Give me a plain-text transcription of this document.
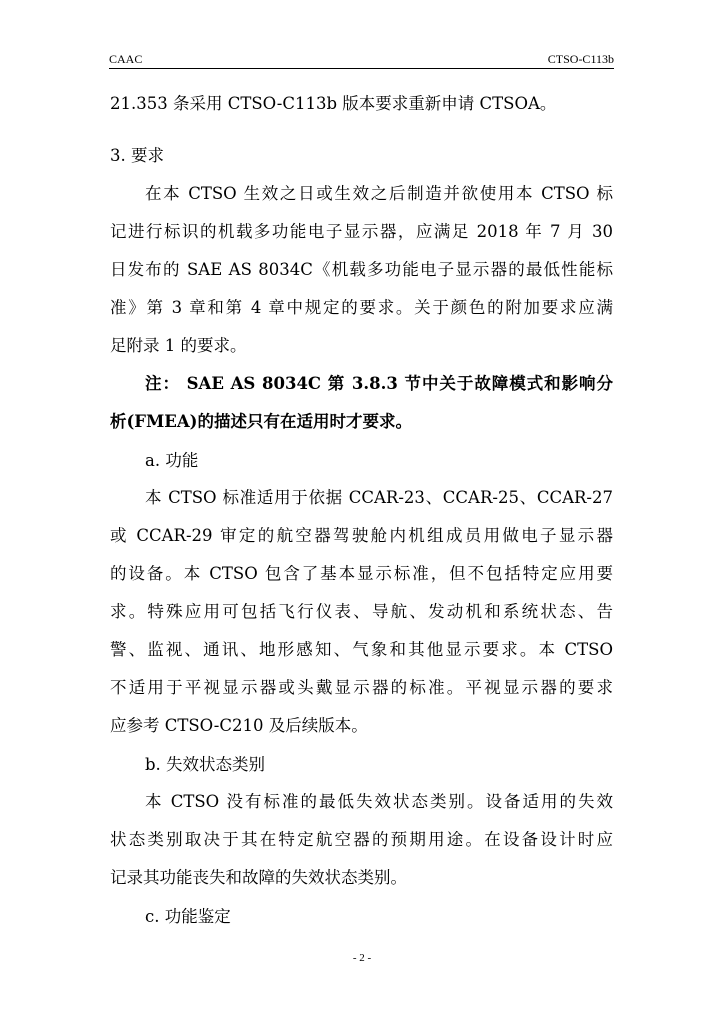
CAAC	CTSO-C113b
21.353 条采用 CTSO-C113b 版本要求重新申请 CTSOA。
3. 要求
在本 CTSO 生效之日或生效之后制造并欲使用本 CTSO 标
记进行标识的机载多功能电子显示器，应满足 2018 年 7 月 30
日发布的 SAE AS 8034C《机载多功能电子显示器的最低性能标
准》第 3 章和第 4 章中规定的要求。关于颜色的附加要求应满
足附录 1 的要求。
注： SAE AS 8034C 第 3.8.3 节中关于故障模式和影响分
析(FMEA)的描述只有在适用时才要求。
a. 功能
本 CTSO 标准适用于依据 CCAR-23、CCAR-25、CCAR-27
或 CCAR-29 审定的航空器驾驶舱内机组成员用做电子显示器
的设备。本 CTSO 包含了基本显示标准，但不包括特定应用要
求。特殊应用可包括飞行仪表、导航、发动机和系统状态、告
警、监视、通讯、地形感知、气象和其他显示要求。本 CTSO
不适用于平视显示器或头戴显示器的标准。平视显示器的要求
应参考 CTSO-C210 及后续版本。
b. 失效状态类别
本 CTSO 没有标准的最低失效状态类别。设备适用的失效
状态类别取决于其在特定航空器的预期用途。在设备设计时应
记录其功能丧失和故障的失效状态类别。
c. 功能鉴定
- 2 -
